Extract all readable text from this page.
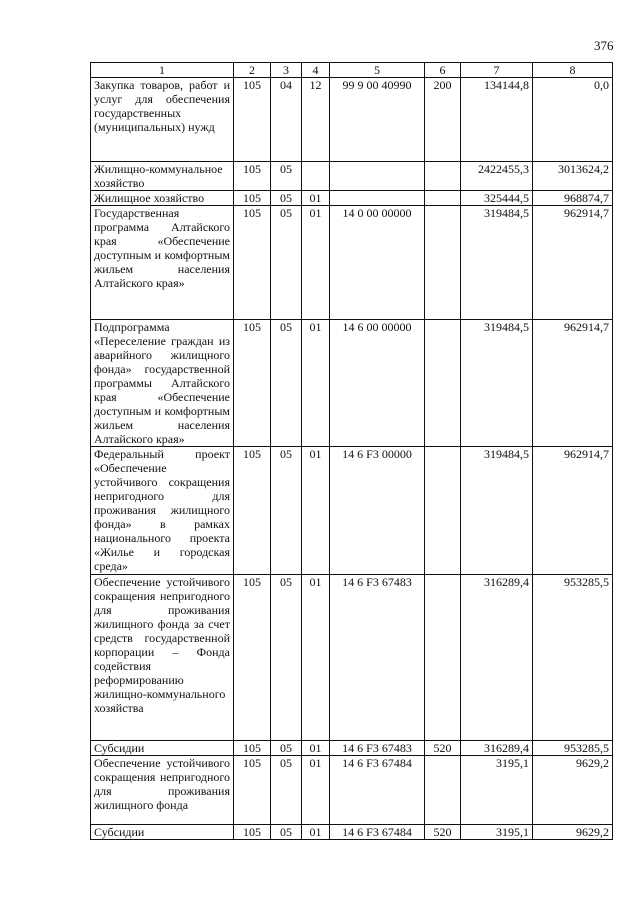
376
1	2	3	4	5	6	7	8
Закупка товаров, работ и услуг для обеспечения государственных (муниципальных) нужд	105	04	12	99 9 00 40990	200	134144,8	0,0
Жилищно-коммунальное хозяйство	105	05				2422455,3	3013624,2
Жилищное хозяйство	105	05	01			325444,5	968874,7
Государственная программа Алтайского края «Обеспечение доступным и комфортным жильем населения Алтайского края»	105	05	01	14 0 00 00000		319484,5	962914,7
Подпрограмма «Переселение граждан из аварийного жилищного фонда» государственной программы Алтайского края «Обеспечение доступным и комфортным жильем населения Алтайского края»	105	05	01	14 6 00 00000		319484,5	962914,7
Федеральный проект «Обеспечение устойчивого сокращения непригодного для проживания жилищного фонда» в рамках национального проекта «Жилье и городская среда»	105	05	01	14 6 F3 00000		319484,5	962914,7
Обеспечение устойчивого сокращения непригодного для проживания жилищного фонда за счет средств государственной корпорации – Фонда содействия реформированию жилищно-коммунального хозяйства	105	05	01	14 6 F3 67483		316289,4	953285,5
Субсидии	105	05	01	14 6 F3 67483	520	316289,4	953285,5
Обеспечение устойчивого сокращения непригодного для проживания жилищного фонда	105	05	01	14 6 F3 67484		3195,1	9629,2
Субсидии	105	05	01	14 6 F3 67484	520	3195,1	9629,2
